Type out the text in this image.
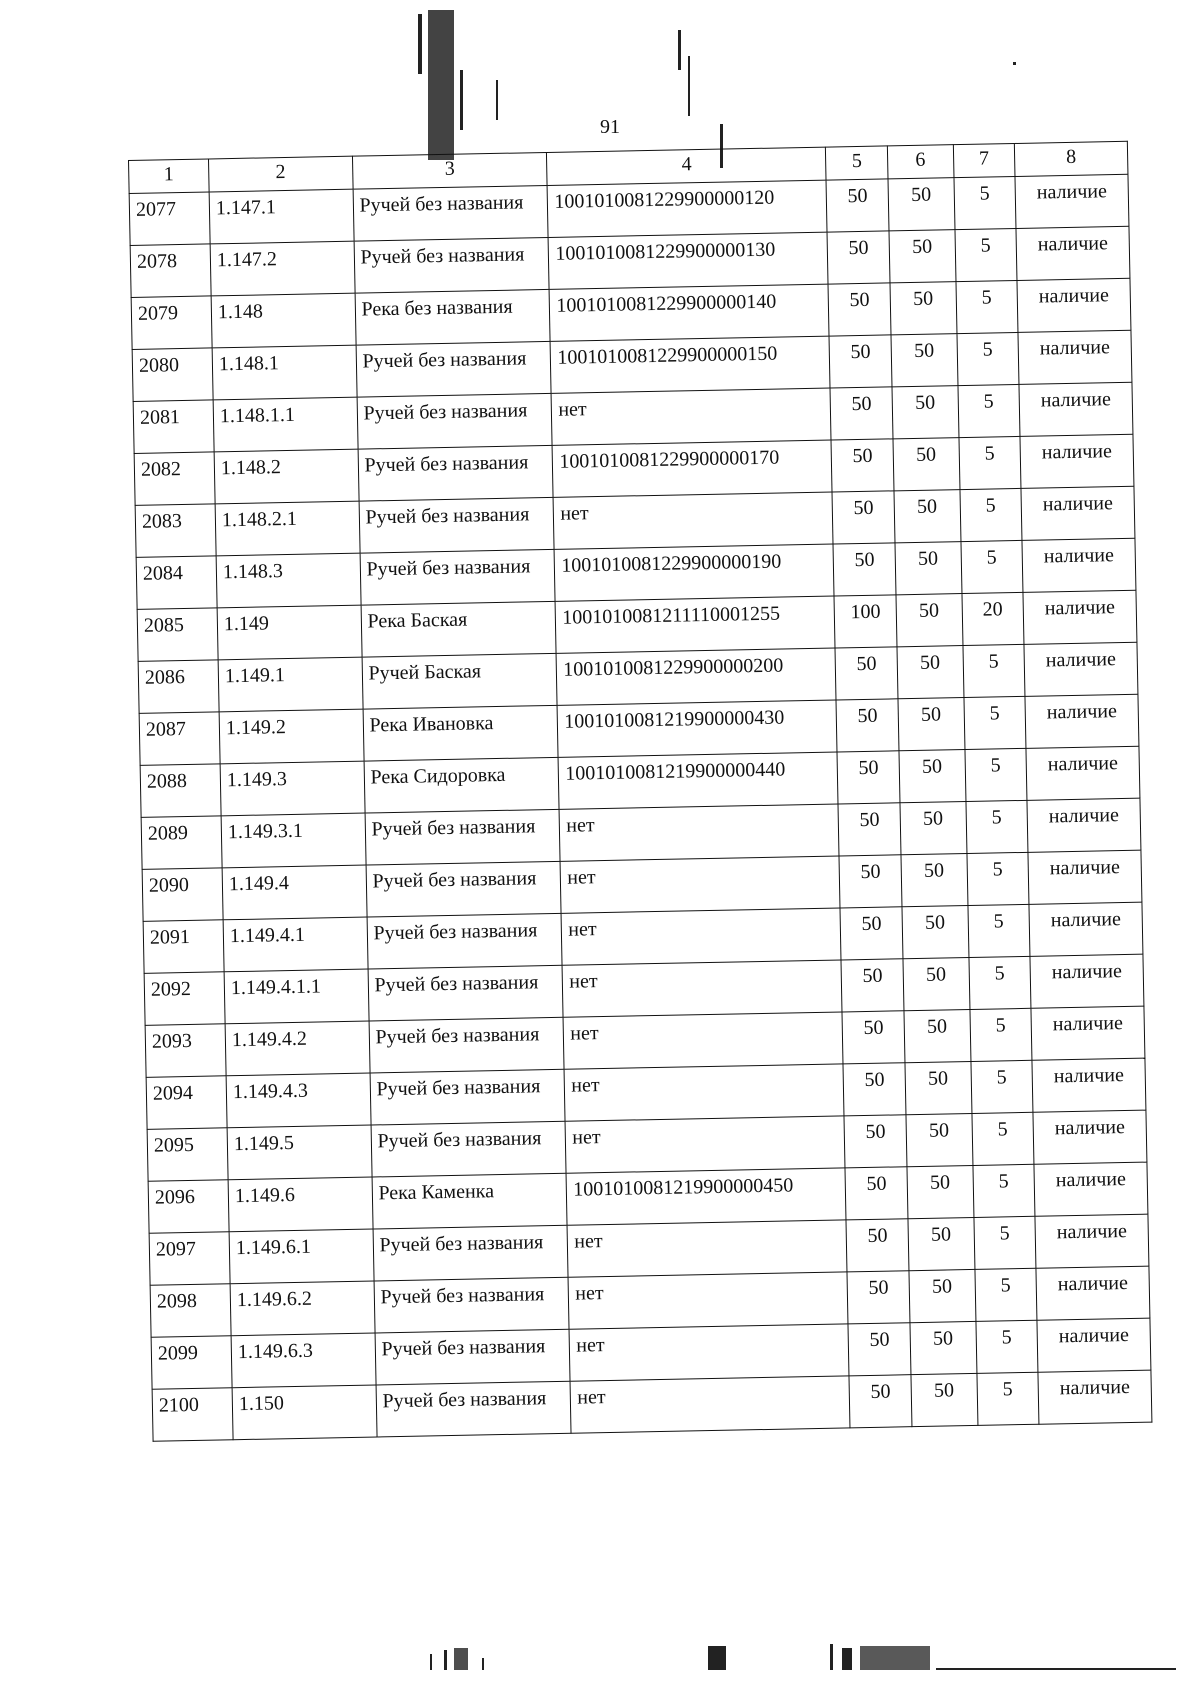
91
1	2	3	4	5	6	7	8
2077	1.147.1	Ручей без названия	1001010081229900000120	50	50	5	наличие
2078	1.147.2	Ручей без названия	1001010081229900000130	50	50	5	наличие
2079	1.148	Река без названия	1001010081229900000140	50	50	5	наличие
2080	1.148.1	Ручей без названия	1001010081229900000150	50	50	5	наличие
2081	1.148.1.1	Ручей без названия	нет	50	50	5	наличие
2082	1.148.2	Ручей без названия	1001010081229900000170	50	50	5	наличие
2083	1.148.2.1	Ручей без названия	нет	50	50	5	наличие
2084	1.148.3	Ручей без названия	1001010081229900000190	50	50	5	наличие
2085	1.149	Река Баская	1001010081211110001255	100	50	20	наличие
2086	1.149.1	Ручей Баская	1001010081229900000200	50	50	5	наличие
2087	1.149.2	Река Ивановка	1001010081219900000430	50	50	5	наличие
2088	1.149.3	Река Сидоровка	1001010081219900000440	50	50	5	наличие
2089	1.149.3.1	Ручей без названия	нет	50	50	5	наличие
2090	1.149.4	Ручей без названия	нет	50	50	5	наличие
2091	1.149.4.1	Ручей без названия	нет	50	50	5	наличие
2092	1.149.4.1.1	Ручей без названия	нет	50	50	5	наличие
2093	1.149.4.2	Ручей без названия	нет	50	50	5	наличие
2094	1.149.4.3	Ручей без названия	нет	50	50	5	наличие
2095	1.149.5	Ручей без названия	нет	50	50	5	наличие
2096	1.149.6	Река Каменка	1001010081219900000450	50	50	5	наличие
2097	1.149.6.1	Ручей без названия	нет	50	50	5	наличие
2098	1.149.6.2	Ручей без названия	нет	50	50	5	наличие
2099	1.149.6.3	Ручей без названия	нет	50	50	5	наличие
2100	1.150	Ручей без названия	нет	50	50	5	наличие
